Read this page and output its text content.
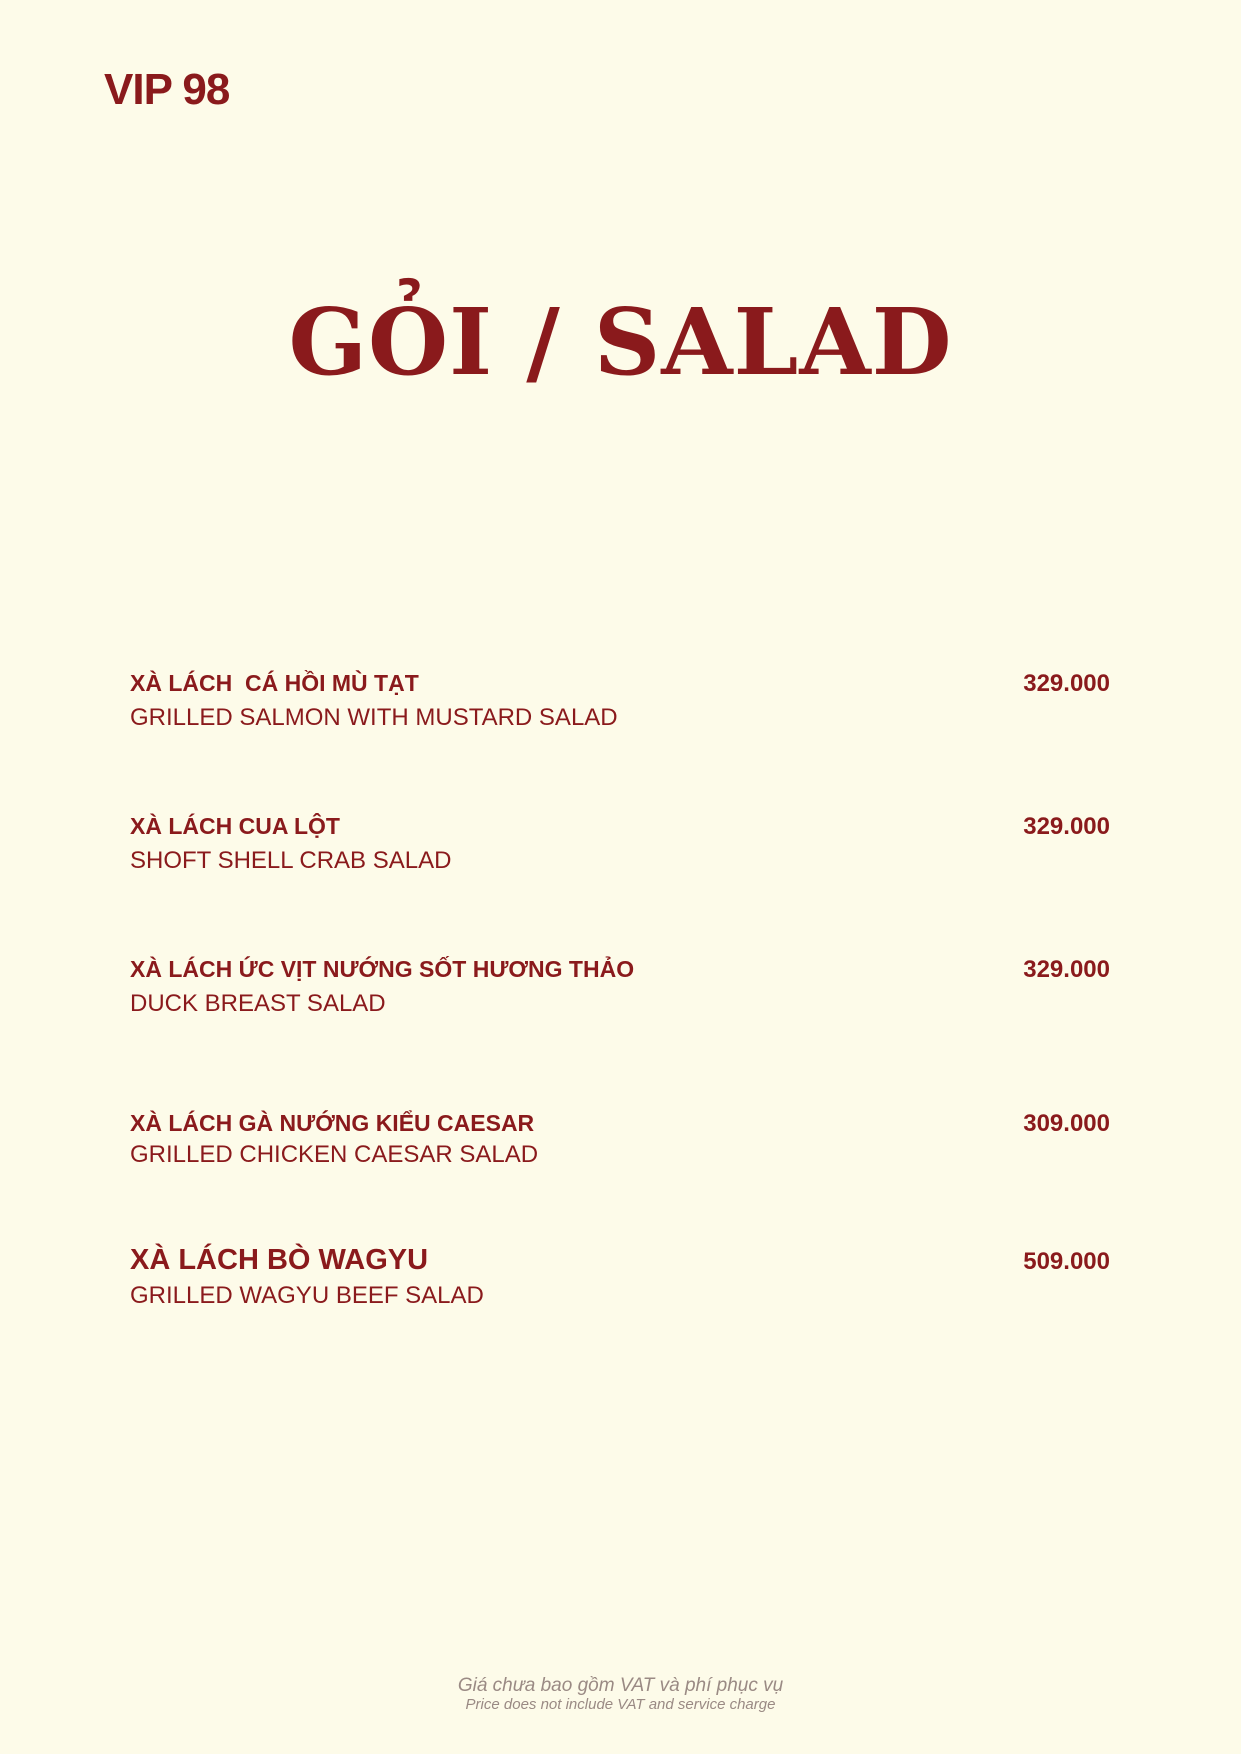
VIP 98
GỎI / SALAD
XÀ LÁCH  CÁ HỒI MÙ TẠT
GRILLED SALMON WITH MUSTARD SALAD
329.000
XÀ LÁCH CUA LỘT
SHOFT SHELL CRAB SALAD
329.000
XÀ LÁCH ỨC VỊT NƯỚNG SỐT HƯƠNG THẢO
DUCK BREAST SALAD
329.000
XÀ LÁCH GÀ NƯỚNG KIỂU CAESAR
GRILLED CHICKEN CAESAR SALAD
309.000
XÀ LÁCH BÒ WAGYU
GRILLED WAGYU BEEF SALAD
509.000
Giá chưa bao gồm VAT và phí phục vụ
Price does not include VAT and service charge
